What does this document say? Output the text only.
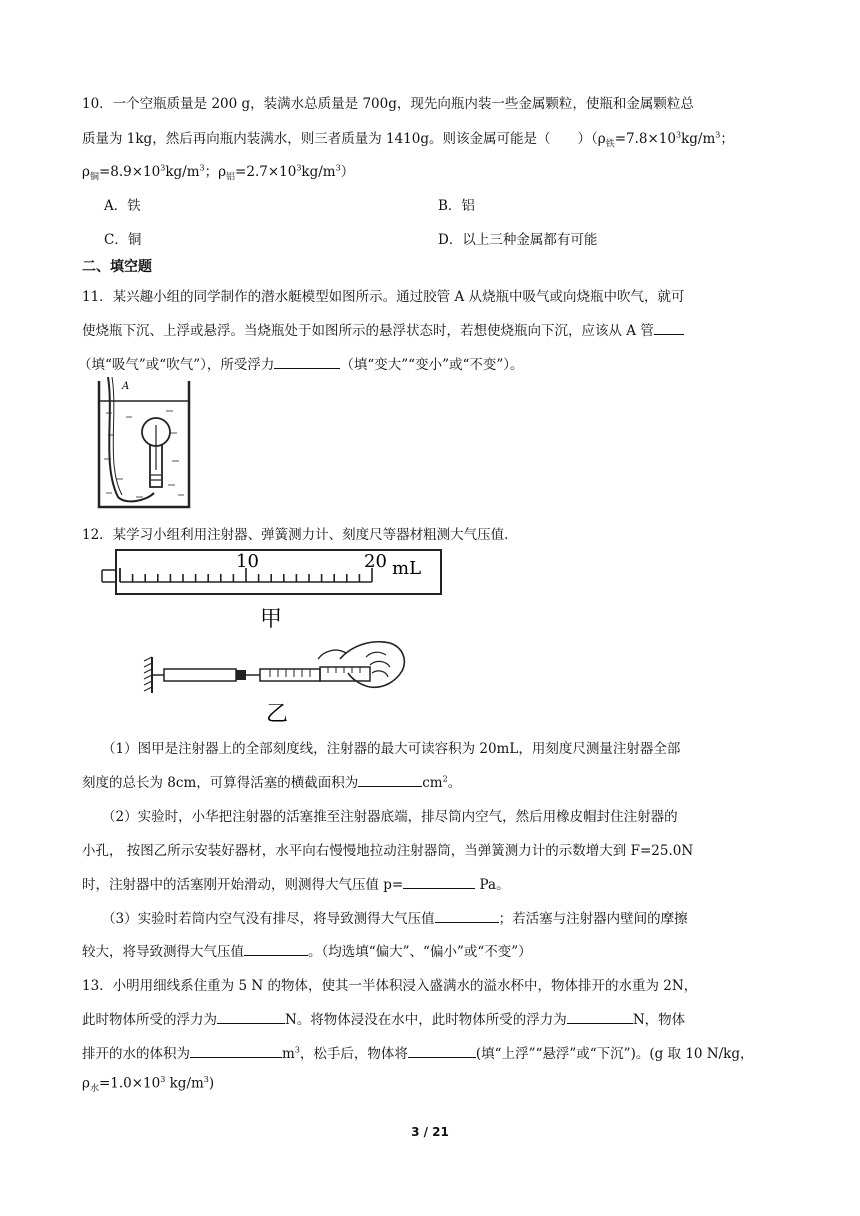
10．一个空瓶质量是 200 g，装满水总质量是 700g，现先向瓶内装一些金属颗粒，使瓶和金属颗粒总
质量为 1kg，然后再向瓶内装满水，则三者质量为 1410g。则该金属可能是（　　）（$\rho_铁=7.8\times 10^3kg/m^3$；
$\rho_铜=8.9\times 10^3kg/m^3$；$\rho_铝=2.7\times 10^3kg/m^3$）
A．铁	B．铝
C．铜	D．以上三种金属都有可能
二、填空题
11．某兴趣小组的同学制作的潜水艇模型如图所示。通过胶管 A 从烧瓶中吸气或向烧瓶中吹气，就可
使烧瓶下沉、上浮或悬浮。当烧瓶处于如图所示的悬浮状态时，若想使烧瓶向下沉，应该从 A 管
（填“吸气”或“吹气”），所受浮力	（填“变大”“变小”或“不变”）。
A
12．某学习小组利用注射器、弹簧测力计、刻度尺等器材粗测大气压值．
10	20 mL
甲
乙
（1）图甲是注射器上的全部刻度线，注射器的最大可读容积为 20mL，用刻度尺测量注射器全部
刻度的总长为 8cm，可算得活塞的横截面积为	$cm^2$。
（2）实验时，小华把注射器的活塞推至注射器底端，排尽筒内空气，然后用橡皮帽封住注射器的
小孔， 按图乙所示安装好器材，水平向右慢慢地拉动注射器筒，当弹簧测力计的示数增大到 F=25.0N
时，注射器中的活塞刚开始滑动，则测得大气压值 p=	Pa。
（3）实验时若筒内空气没有排尽，将导致测得大气压值	；若活塞与注射器内壁间的摩擦
较大，将导致测得大气压值	。（均选填“偏大”、“偏小”或“不变”）
13．小明用细线系住重为 5 N 的物体，使其一半体积浸入盛满水的溢水杯中，物体排开的水重为 2N，
此时物体所受的浮力为	N。将物体浸没在水中，此时物体所受的浮力为	N，物体
排开的水的体积为	$m^3$，松手后，物体将	(填“上浮”“悬浮”或“下沉”)。(g 取 10 N/kg，
$\rho_水=1.0\times 10^3$ $kg/m^3$)
3 / 21
